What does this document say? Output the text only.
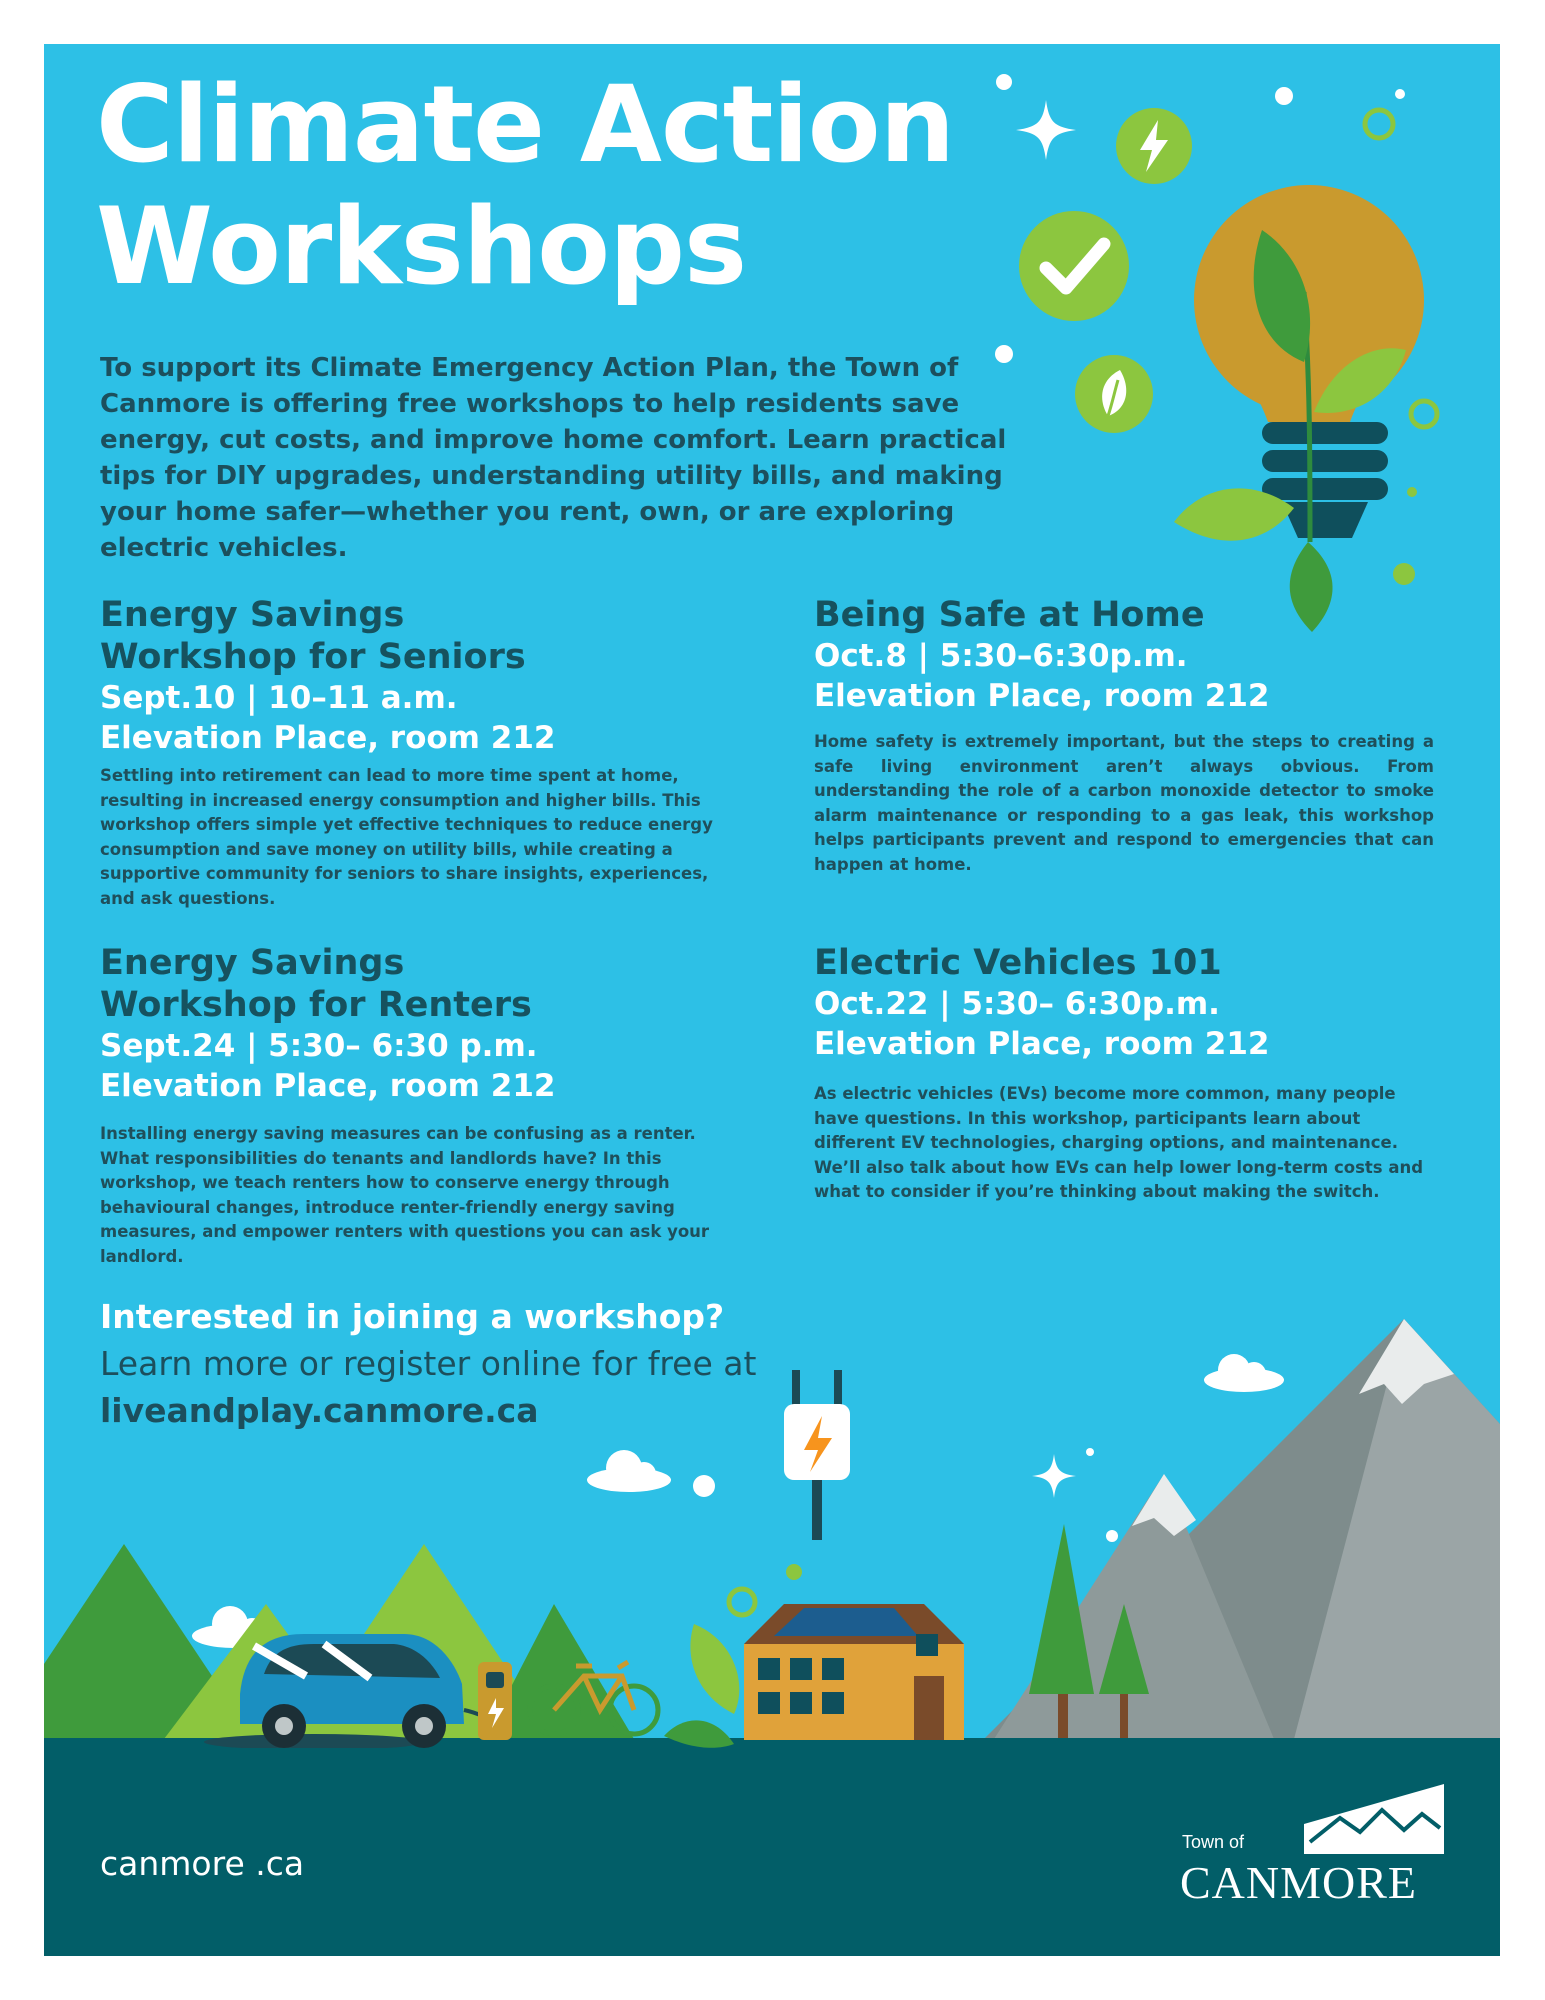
Climate Action
Workshops

To support its Climate Emergency Action Plan, the Town of Canmore is offering free workshops to help residents save energy, cut costs, and improve home comfort. Learn practical tips for DIY upgrades, understanding utility bills, and making your home safer—whether you rent, own, or are exploring electric vehicles.

Energy Savings
Workshop for Seniors

Sept.10 | 10–11 a.m.

Elevation Place, room 212

Settling into retirement can lead to more time spent at home, resulting in increased energy consumption and higher bills. This workshop offers simple yet effective techniques to reduce energy consumption and save money on utility bills, while creating a supportive community for seniors to share insights, experiences, and ask questions.

Being Safe at Home

Oct.8 | 5:30–6:30p.m.

Elevation Place, room 212

Home safety is extremely important, but the steps to creating a safe living environment aren’t always obvious. From understanding the role of a carbon monoxide detector to smoke alarm maintenance or responding to a gas leak, this workshop helps participants prevent and respond to emergencies that can happen at home.

Energy Savings
Workshop for Renters

Sept.24 | 5:30– 6:30 p.m.

Elevation Place, room 212

Installing energy saving measures can be confusing as a renter. What responsibilities do tenants and landlords have? In this workshop, we teach renters how to conserve energy through behavioural changes, introduce renter-friendly energy saving measures, and empower renters with questions you can ask your landlord.

Electric Vehicles 101

Oct.22 | 5:30– 6:30p.m.

Elevation Place, room 212

As electric vehicles (EVs) become more common, many people have questions. In this workshop, participants learn about different EV technologies, charging options, and maintenance. We’ll also talk about how EVs can help lower long-term costs and what to consider if you’re thinking about making the switch.

Interested in joining a workshop?

Learn more or register online for free at

liveandplay.canmore.ca

canmore .ca
Town of
CANMORE
